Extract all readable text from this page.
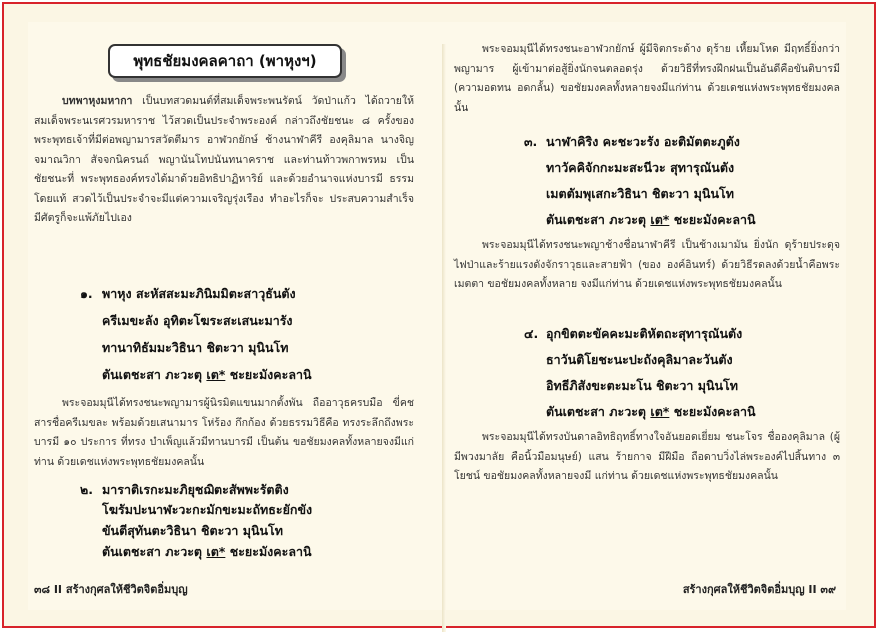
พุทธชัยมงคลคาถา (พาหุงฯ)
บทพาหุงมหากา เป็นบทสวดมนต์ที่สมเด็จพระพนรัตน์ วัดป่าแก้ว ได้ถวายให้สมเด็จพระนเรศวรมหาราช ไว้สวดเป็นประจำพระองค์ กล่าวถึงชัยชนะ ๘ ครั้งของพระพุทธเจ้าที่มีต่อพญามารสวัดตีมาร อาฬวกยักษ์ ช้างนาฬาคีรี องคุลิมาล นางจิญจมาณวิกา สัจจกนิครนถ์ พญานันโทปนันทนาคราช และท่านท้าวพกาพรหม เป็นชัยชนะที่ พระพุทธองค์ทรงได้มาด้วยอิทธิปาฏิหาริย์ และด้วยอำนาจแห่งบารมี ธรรมโดยแท้ สวดไว้เป็นประจำจะมีแต่ความเจริญรุ่งเรือง ทำอะไรก็จะ ประสบความสำเร็จ มีศัตรูก็จะแพ้ภัยไปเอง
๑. พาหุง สะหัสสะมะภินิมมิตะสาวุธันตัง
ครีเมขะลัง อุทิตะโฆระสะเสนะมารัง
ทานาทิธัมมะวิธินา ชิตะวา มุนินโท
ตันเตชะสา ภะวะตุ เต* ชะยะมังคะลานิ
พระจอมมุนีได้ทรงชนะพญามารผู้นิรมิตแขนมากตั้งพัน ถืออาวุธครบมือ ขี่คชสารชื่อครีเมขละ พร้อมด้วยเสนามาร โห่ร้อง กึกก้อง ด้วยธรรมวิธีคือ ทรงระลึกถึงพระบารมี ๑๐ ประการ ที่ทรง บำเพ็ญแล้วมีทานบารมี เป็นต้น ขอชัยมงคลทั้งหลายจงมีแก่ท่าน ด้วยเดชแห่งพระพุทธชัยมงคลนั้น
๒. มาราติเรกะมะภิยุชฌิตะสัพพะรัตติง
โฆรัมปะนาฬะวะกะมักขะมะถัทธะยักขัง
ขันตีสุทันตะวิธินา ชิตะวา มุนินโท
๓๘ II สร้างกุศลให้ชีวิตจิตอิ่มบุญ
ตันเตชะสา ภะวะตุ เต* ชะยะมังคะลานิ
พระจอมมุนีได้ทรงชนะอาฬวกยักษ์ ผู้มีจิตกระด้าง ดุร้าย เหี้ยมโหด มีฤทธิ์ยิ่งกว่าพญามาร ผู้เข้ามาต่อสู้ยิ่งนักจนตลอดรุ่ง ด้วยวิธีที่ทรงฝึกฝนเป็นอันดีคือขันติบารมี (ความอดทน อดกลั้น) ขอชัยมงคลทั้งหลายจงมีแก่ท่าน ด้วยเดชแห่งพระพุทธชัยมงคลนั้น
๓. นาฬาคิริง คะชะวะรัง อะติมัตตะภูตัง
ทาวัคคิจักกะมะสะนีวะ สุทารุณันตัง
เมตตัมพุเสกะวิธินา ชิตะวา มุนินโท
ตันเตชะสา ภะวะตุ เต* ชะยะมังคะลานิ
พระจอมมุนีได้ทรงชนะพญาช้างชื่อนาฬาคีรี เป็นช้างเมามัน ยิ่งนัก ดุร้ายประดุจไฟป่าและร้ายแรงดังจักราวุธและสายฟ้า (ของ องค์อินทร์) ด้วยวิธีรดลงด้วยน้ำคือพระเมตตา ขอชัยมงคลทั้งหลาย จงมีแก่ท่าน ด้วยเดชแห่งพระพุทธชัยมงคลนั้น
๔. อุกขิตตะขัคคะมะติหัตถะสุทารุณันตัง
ธาวันติโยชะนะปะถังคุลิมาละวันตัง
อิทธีภิสังขะตะมะโน ชิตะวา มุนินโท
ตันเตชะสา ภะวะตุ เต* ชะยะมังคะลานิ
พระจอมมุนีได้ทรงบันดาลอิทธิฤทธิ์ทางใจอันยอดเยี่ยม ชนะโจร ชื่อองคุลิมาล (ผู้มีพวงมาลัย คือนิ้วมือมนุษย์) แสน ร้ายกาจ มีฝีมือ ถือดาบวิ่งไล่พระองค์ไปสิ้นทาง ๓ โยชน์ ขอชัยมงคลทั้งหลายจงมี แก่ท่าน ด้วยเดชแห่งพระพุทธชัยมงคลนั้น
สร้างกุศลให้ชีวิตจิตอิ่มบุญ II ๓๙
